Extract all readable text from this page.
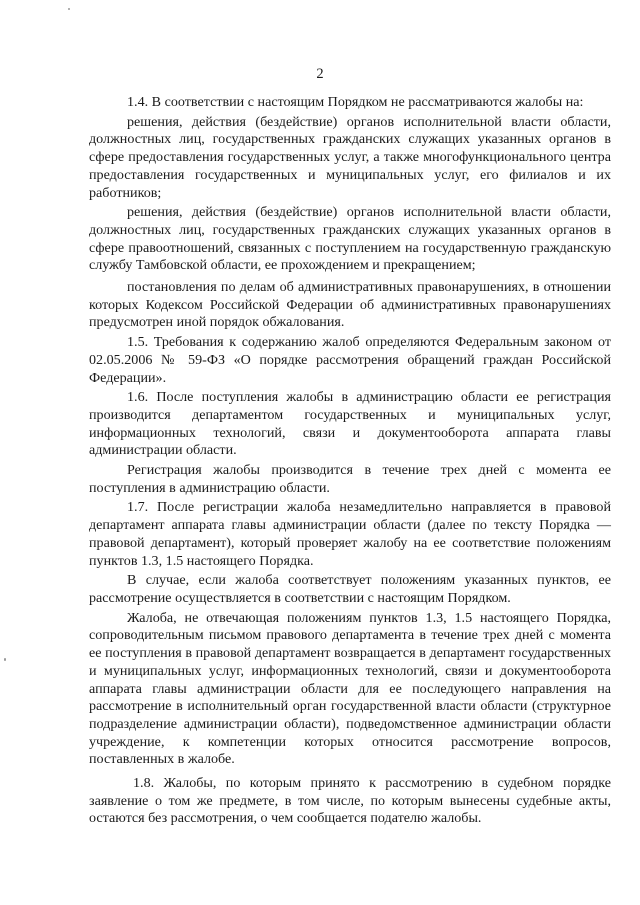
2

1.4. В соответствии с настоящим Порядком не рассматриваются жалобы на:

решения, действия (бездействие) органов исполнительной власти области, должностных лиц, государственных гражданских служащих указанных органов в сфере предоставления государственных услуг, а также многофункционального центра предоставления государственных и муниципальных услуг, его филиалов и их работников;

решения, действия (бездействие) органов исполнительной власти области, должностных лиц, государственных гражданских служащих указанных органов в сфере правоотношений, связанных с поступлением на государственную гражданскую службу Тамбовской области, ее прохождением и прекращением;

постановления по делам об административных правонарушениях, в отношении которых Кодексом Российской Федерации об административных правонарушениях предусмотрен иной порядок обжалования.

1.5. Требования к содержанию жалоб определяются Федеральным законом от 02.05.2006 № 59-ФЗ «О порядке рассмотрения обращений граждан Российской Федерации».

1.6. После поступления жалобы в администрацию области ее регистрация производится департаментом государственных и муниципальных услуг, информационных технологий, связи и документооборота аппарата главы администрации области.

Регистрация жалобы производится в течение трех дней с момента ее поступления в администрацию области.

1.7. После регистрации жалоба незамедлительно направляется в правовой департамент аппарата главы администрации области (далее по тексту Порядка — правовой департамент), который проверяет жалобу на ее соответствие положениям пунктов 1.3, 1.5 настоящего Порядка.

В случае, если жалоба соответствует положениям указанных пунктов, ее рассмотрение осуществляется в соответствии с настоящим Порядком.

Жалоба, не отвечающая положениям пунктов 1.3, 1.5 настоящего Порядка, сопроводительным письмом правового департамента в течение трех дней с момента ее поступления в правовой департамент возвращается в департамент государственных и муниципальных услуг, информационных технологий, связи и документооборота аппарата главы администрации области для ее последующего направления на рассмотрение в исполнительный орган государственной власти области (структурное подразделение администрации области), подведомственное администрации области учреждение, к компетенции которых относится рассмотрение вопросов, поставленных в жалобе.

1.8. Жалобы, по которым принято к рассмотрению в судебном порядке заявление о том же предмете, в том числе, по которым вынесены судебные акты, остаются без рассмотрения, о чем сообщается подателю жалобы.
